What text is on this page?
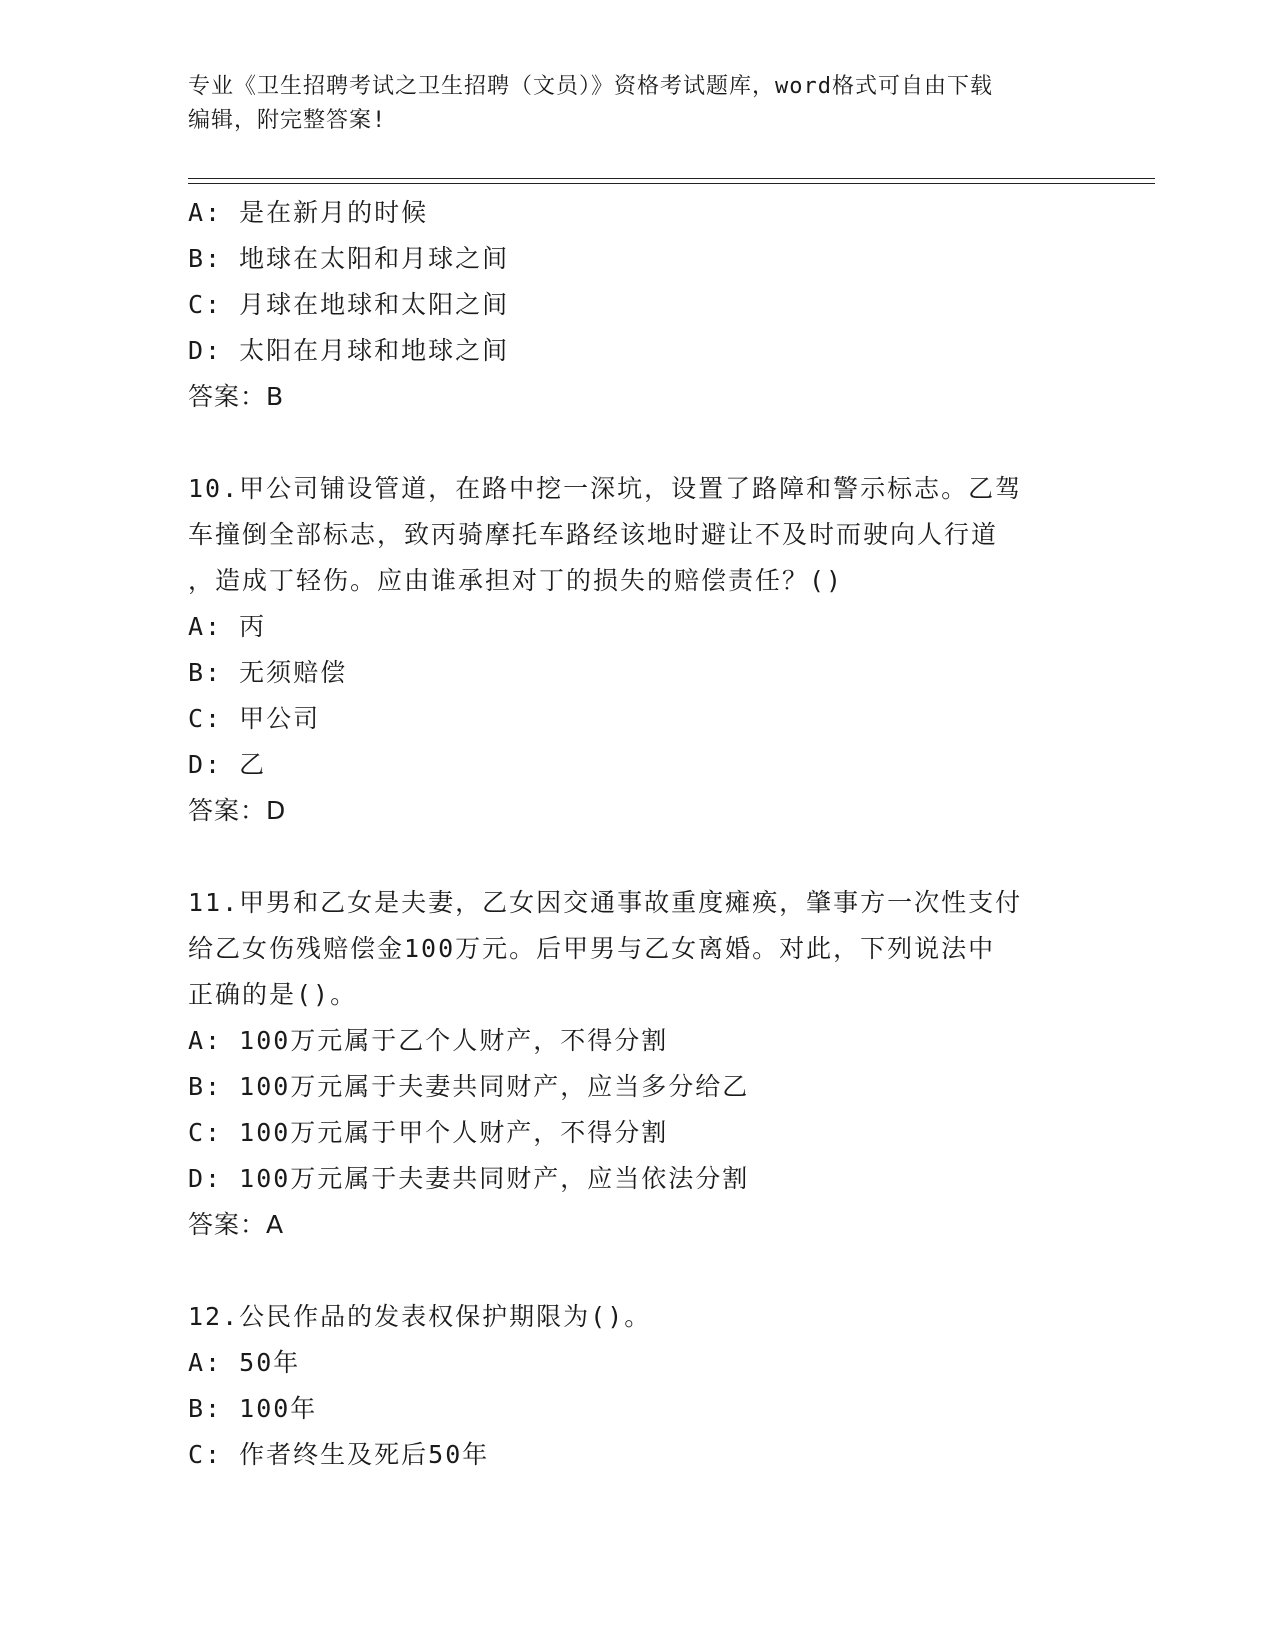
专业《卫生招聘考试之卫生招聘（文员）》资格考试题库，word格式可自由下载
编辑，附完整答案!
A: 是在新月的时候
B: 地球在太阳和月球之间
C: 月球在地球和太阳之间
D: 太阳在月球和地球之间
答案：B
10.甲公司铺设管道，在路中挖一深坑，设置了路障和警示标志。乙驾
车撞倒全部标志，致丙骑摩托车路经该地时避让不及时而驶向人行道
，造成丁轻伤。应由谁承担对丁的损失的赔偿责任？()
A: 丙
B: 无须赔偿
C: 甲公司
D: 乙
答案：D
11.甲男和乙女是夫妻，乙女因交通事故重度瘫痪，肇事方一次性支付
给乙女伤残赔偿金100万元。后甲男与乙女离婚。对此，下列说法中
正确的是()。
A: 100万元属于乙个人财产，不得分割
B: 100万元属于夫妻共同财产，应当多分给乙
C: 100万元属于甲个人财产，不得分割
D: 100万元属于夫妻共同财产，应当依法分割
答案：A
12.公民作品的发表权保护期限为()。
A: 50年
B: 100年
C: 作者终生及死后50年
